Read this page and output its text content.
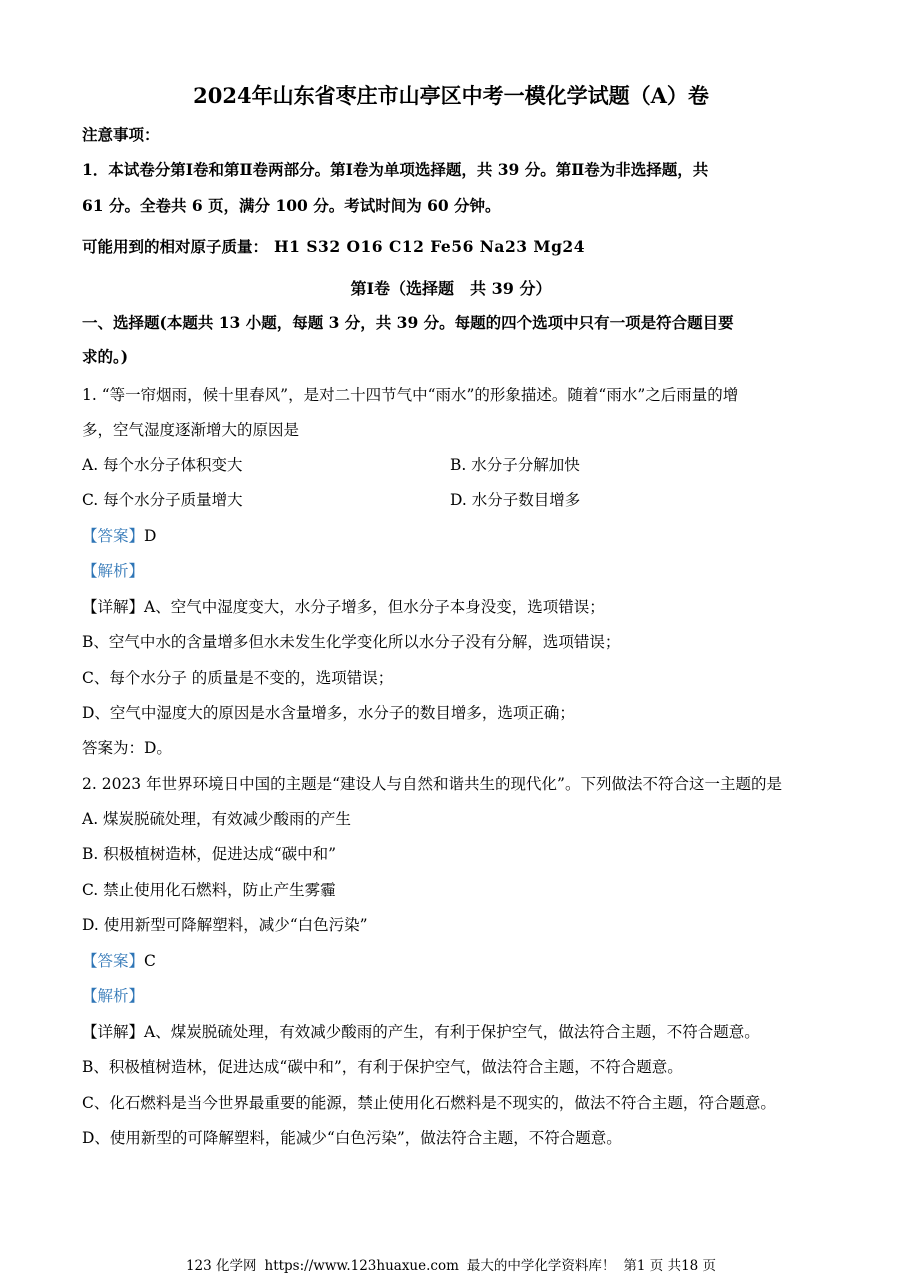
2024年山东省枣庄市山亭区中考一模化学试题（A）卷
注意事项：
1．本试卷分第Ⅰ卷和第Ⅱ卷两部分。第Ⅰ卷为单项选择题，共 39 分。第Ⅱ卷为非选择题，共
61 分。全卷共 6 页，满分 100 分。考试时间为 60 分钟。
可能用到的相对原子质量： H1 S32 O16 C12 Fe56 Na23 Mg24
第Ⅰ卷（选择题　共 39 分）
一、选择题(本题共 13 小题，每题 3 分，共 39 分。每题的四个选项中只有一项是符合题目要
求的。)
1. “等一帘烟雨，候十里春风”，是对二十四节气中“雨水”的形象描述。随着“雨水”之后雨量的增
多，空气湿度逐渐增大的原因是
A. 每个水分子体积变大	B. 水分子分解加快
C. 每个水分子质量增大	D. 水分子数目增多
【答案】D
【解析】
【详解】A、空气中湿度变大，水分子增多，但水分子本身没变，选项错误；
B、空气中水的含量增多但水未发生化学变化所以水分子没有分解，选项错误；
C、每个水分子 的质量是不变的，选项错误；
D、空气中湿度大的原因是水含量增多，水分子的数目增多，选项正确；
答案为：D。
2. 2023 年世界环境日中国的主题是“建设人与自然和谐共生的现代化”。下列做法不符合这一主题的是
A. 煤炭脱硫处理，有效减少酸雨的产生
B. 积极植树造林，促进达成“碳中和”
C. 禁止使用化石燃料，防止产生雾霾
D. 使用新型可降解塑料，减少“白色污染”
【答案】C
【解析】
【详解】A、煤炭脱硫处理，有效减少酸雨的产生，有利于保护空气，做法符合主题，不符合题意。
B、积极植树造林，促进达成“碳中和”，有利于保护空气，做法符合主题，不符合题意。
C、化石燃料是当今世界最重要的能源，禁止使用化石燃料是不现实的，做法不符合主题，符合题意。
D、使用新型的可降解塑料，能减少“白色污染”，做法符合主题，不符合题意。
123 化学网 https://www.123huaxue.com 最大的中学化学资料库！ 第1 页 共18 页
